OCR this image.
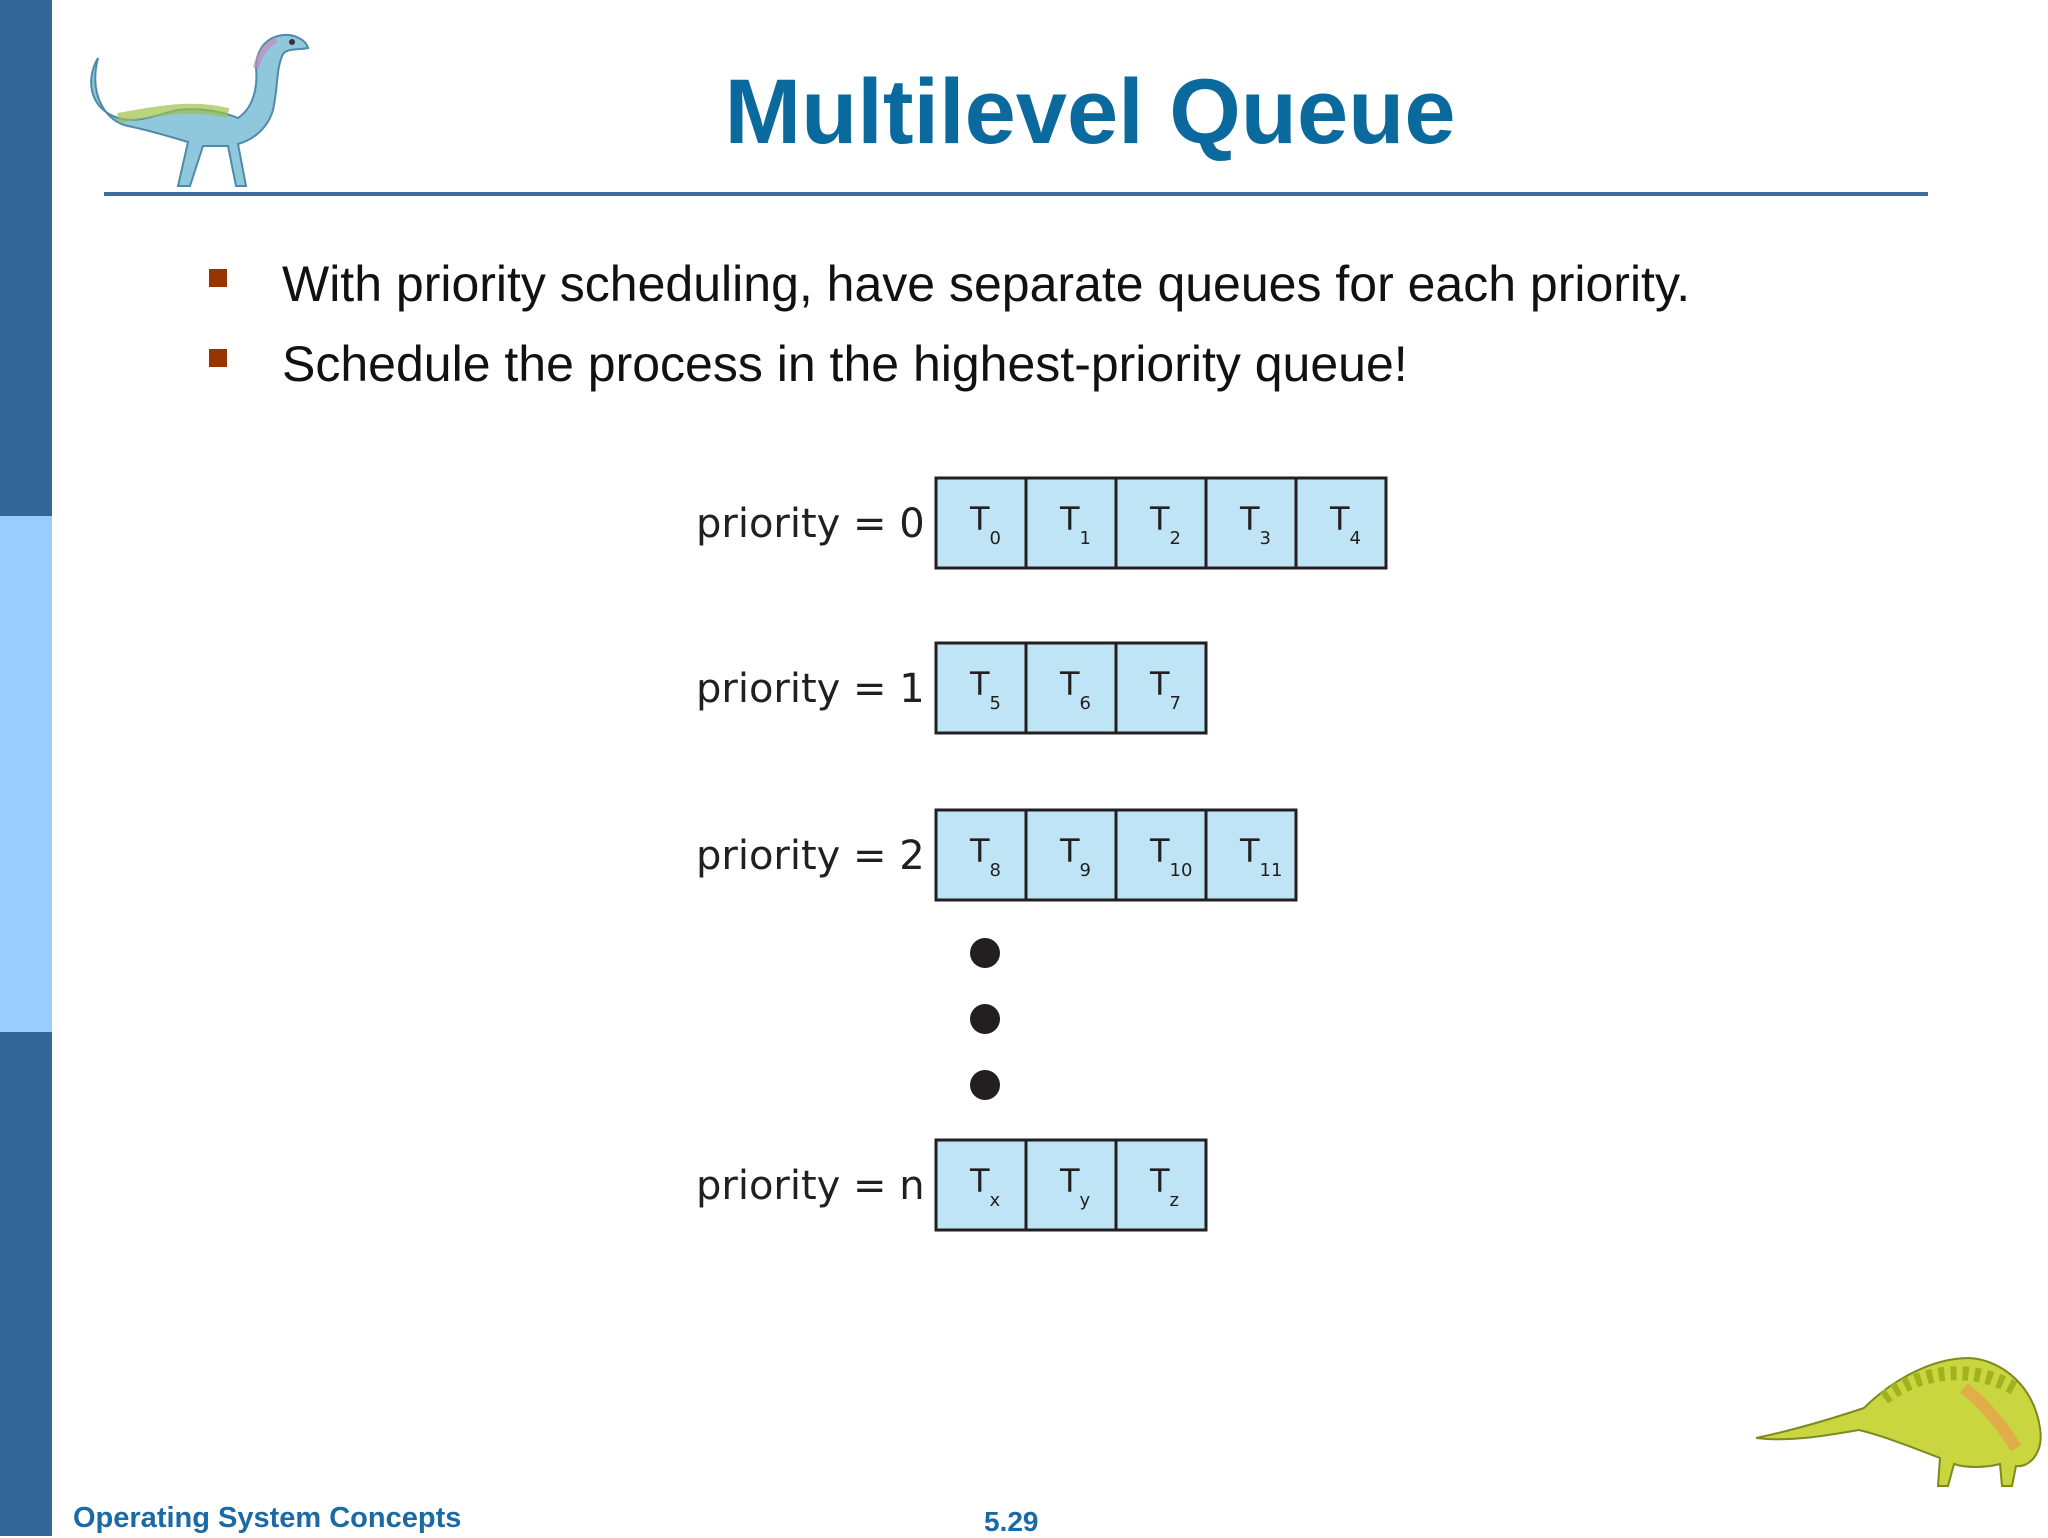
Multilevel Queue
With priority scheduling, have separate queues for each priority.
Schedule the process in the highest-priority queue!
priority = 0 $T_0$
$T_1$
$T_2$
$T_3$
$T_4$
priority = 1 $T_5$
$T_6$
$T_7$
priority = 2 $T_8$
$T_9$
$T_{10}$
$T_{11}$
priority = n $T_x$
$T_y$
$T_z$
Operating System Concepts	5.29
